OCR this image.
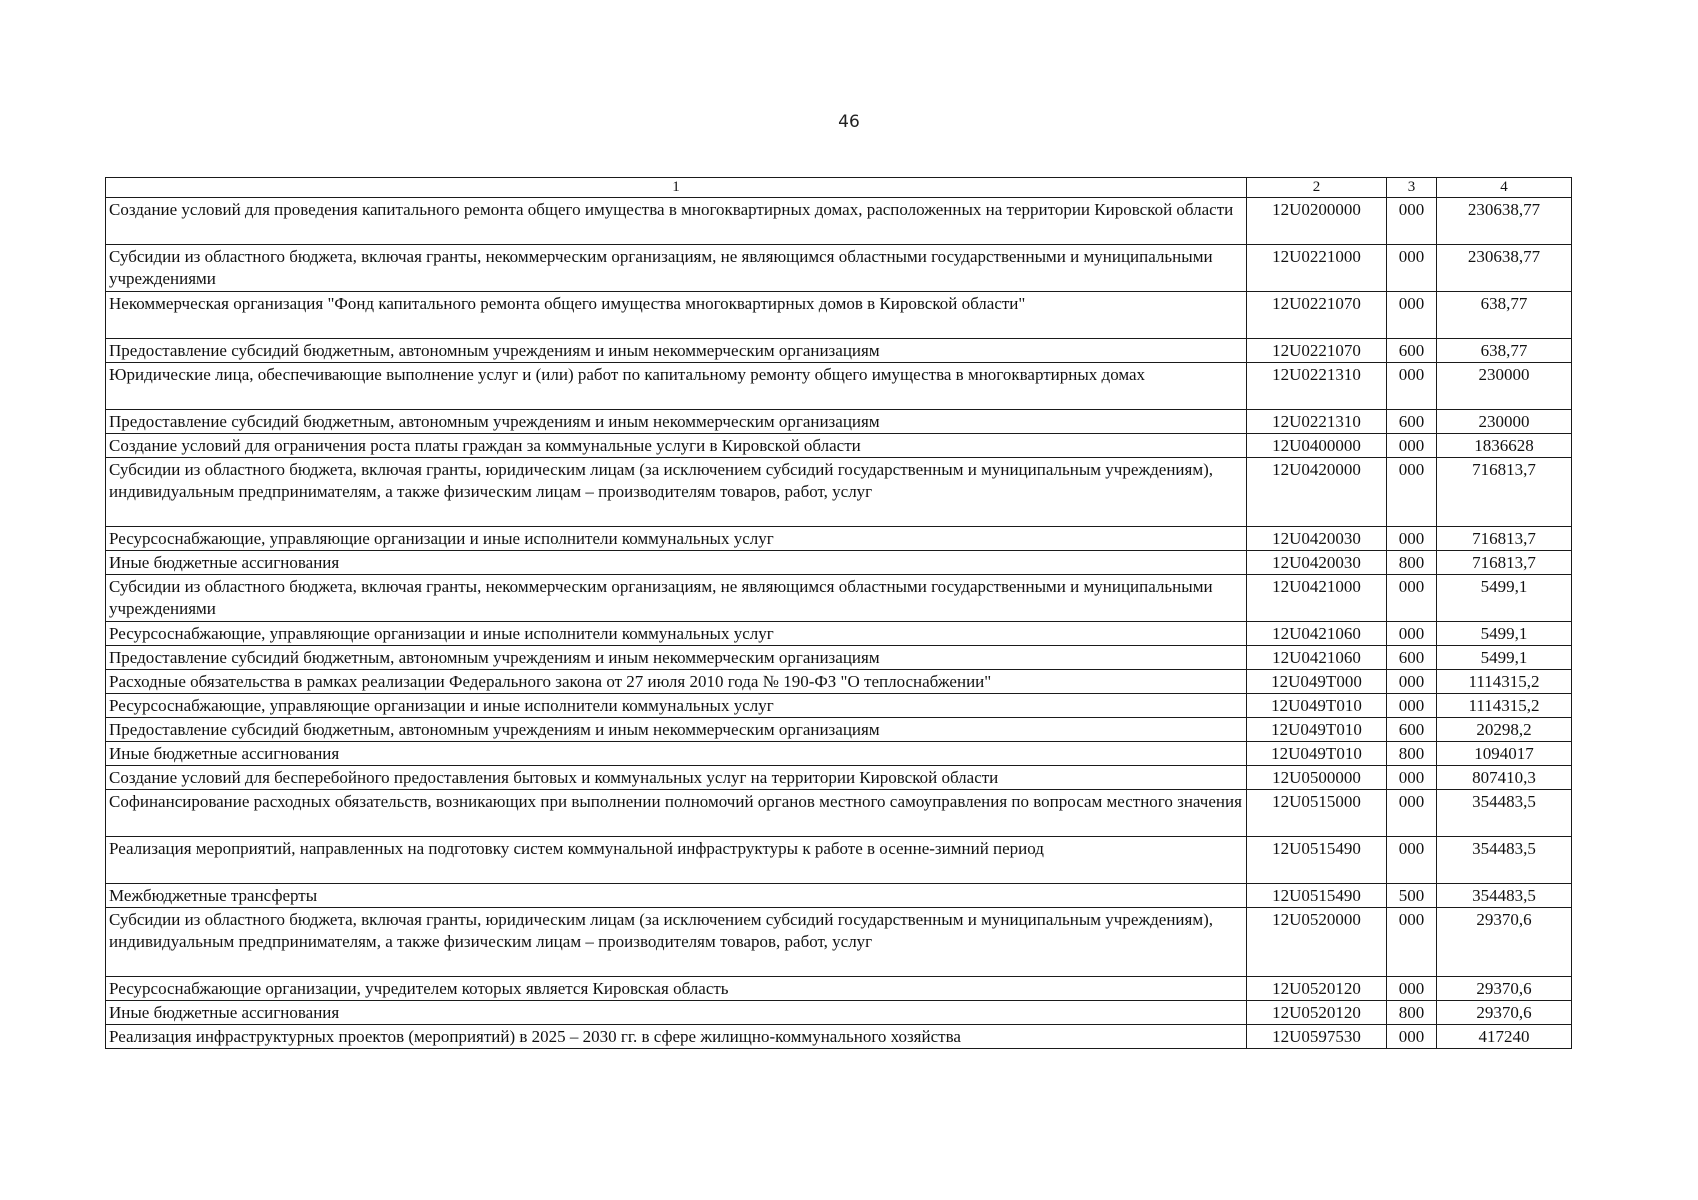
46
1	2	3	4
Создание условий для проведения капитального ремонта общего имущества в многоквартирных домах, расположенных на территории Кировской области	12U0200000	000	230638,77
Субсидии из областного бюджета, включая гранты, некоммерческим организациям, не являющимся областными государственными и муниципальными учреждениями	12U0221000	000	230638,77
Некоммерческая организация "Фонд капитального ремонта общего имущества многоквартирных домов в Кировской области"	12U0221070	000	638,77
Предоставление субсидий бюджетным, автономным учреждениям и иным некоммерческим организациям	12U0221070	600	638,77
Юридические лица, обеспечивающие выполнение услуг и (или) работ по капитальному ремонту общего имущества в многоквартирных домах	12U0221310	000	230000
Предоставление субсидий бюджетным, автономным учреждениям и иным некоммерческим организациям	12U0221310	600	230000
Создание условий для ограничения роста платы граждан за коммунальные услуги в Кировской области	12U0400000	000	1836628
Субсидии из областного бюджета, включая гранты, юридическим лицам (за исключением субсидий государственным и муниципальным учреждениям), индивидуальным предпринимателям, а также физическим лицам – производителям товаров, работ, услуг	12U0420000	000	716813,7
Ресурсоснабжающие, управляющие организации и иные исполнители коммунальных услуг	12U0420030	000	716813,7
Иные бюджетные ассигнования	12U0420030	800	716813,7
Субсидии из областного бюджета, включая гранты, некоммерческим организациям, не являющимся областными государственными и муниципальными учреждениями	12U0421000	000	5499,1
Ресурсоснабжающие, управляющие организации и иные исполнители коммунальных услуг	12U0421060	000	5499,1
Предоставление субсидий бюджетным, автономным учреждениям и иным некоммерческим организациям	12U0421060	600	5499,1
Расходные обязательства в рамках реализации Федерального закона от 27 июля 2010 года № 190-ФЗ "О теплоснабжении"	12U049T000	000	1114315,2
Ресурсоснабжающие, управляющие организации и иные исполнители коммунальных услуг	12U049T010	000	1114315,2
Предоставление субсидий бюджетным, автономным учреждениям и иным некоммерческим организациям	12U049T010	600	20298,2
Иные бюджетные ассигнования	12U049T010	800	1094017
Создание условий для бесперебойного предоставления бытовых и коммунальных услуг на территории Кировской области	12U0500000	000	807410,3
Софинансирование расходных обязательств, возникающих при выполнении полномочий органов местного самоуправления по вопросам местного значения	12U0515000	000	354483,5
Реализация мероприятий, направленных на подготовку систем коммунальной инфраструктуры к работе в осенне-зимний период	12U0515490	000	354483,5
Межбюджетные трансферты	12U0515490	500	354483,5
Субсидии из областного бюджета, включая гранты, юридическим лицам (за исключением субсидий государственным и муниципальным учреждениям), индивидуальным предпринимателям, а также физическим лицам – производителям товаров, работ, услуг	12U0520000	000	29370,6
Ресурсоснабжающие организации, учредителем которых является Кировская область	12U0520120	000	29370,6
Иные бюджетные ассигнования	12U0520120	800	29370,6
Реализация инфраструктурных проектов (мероприятий) в 2025 – 2030 гг. в сфере жилищно-коммунального хозяйства	12U0597530	000	417240
